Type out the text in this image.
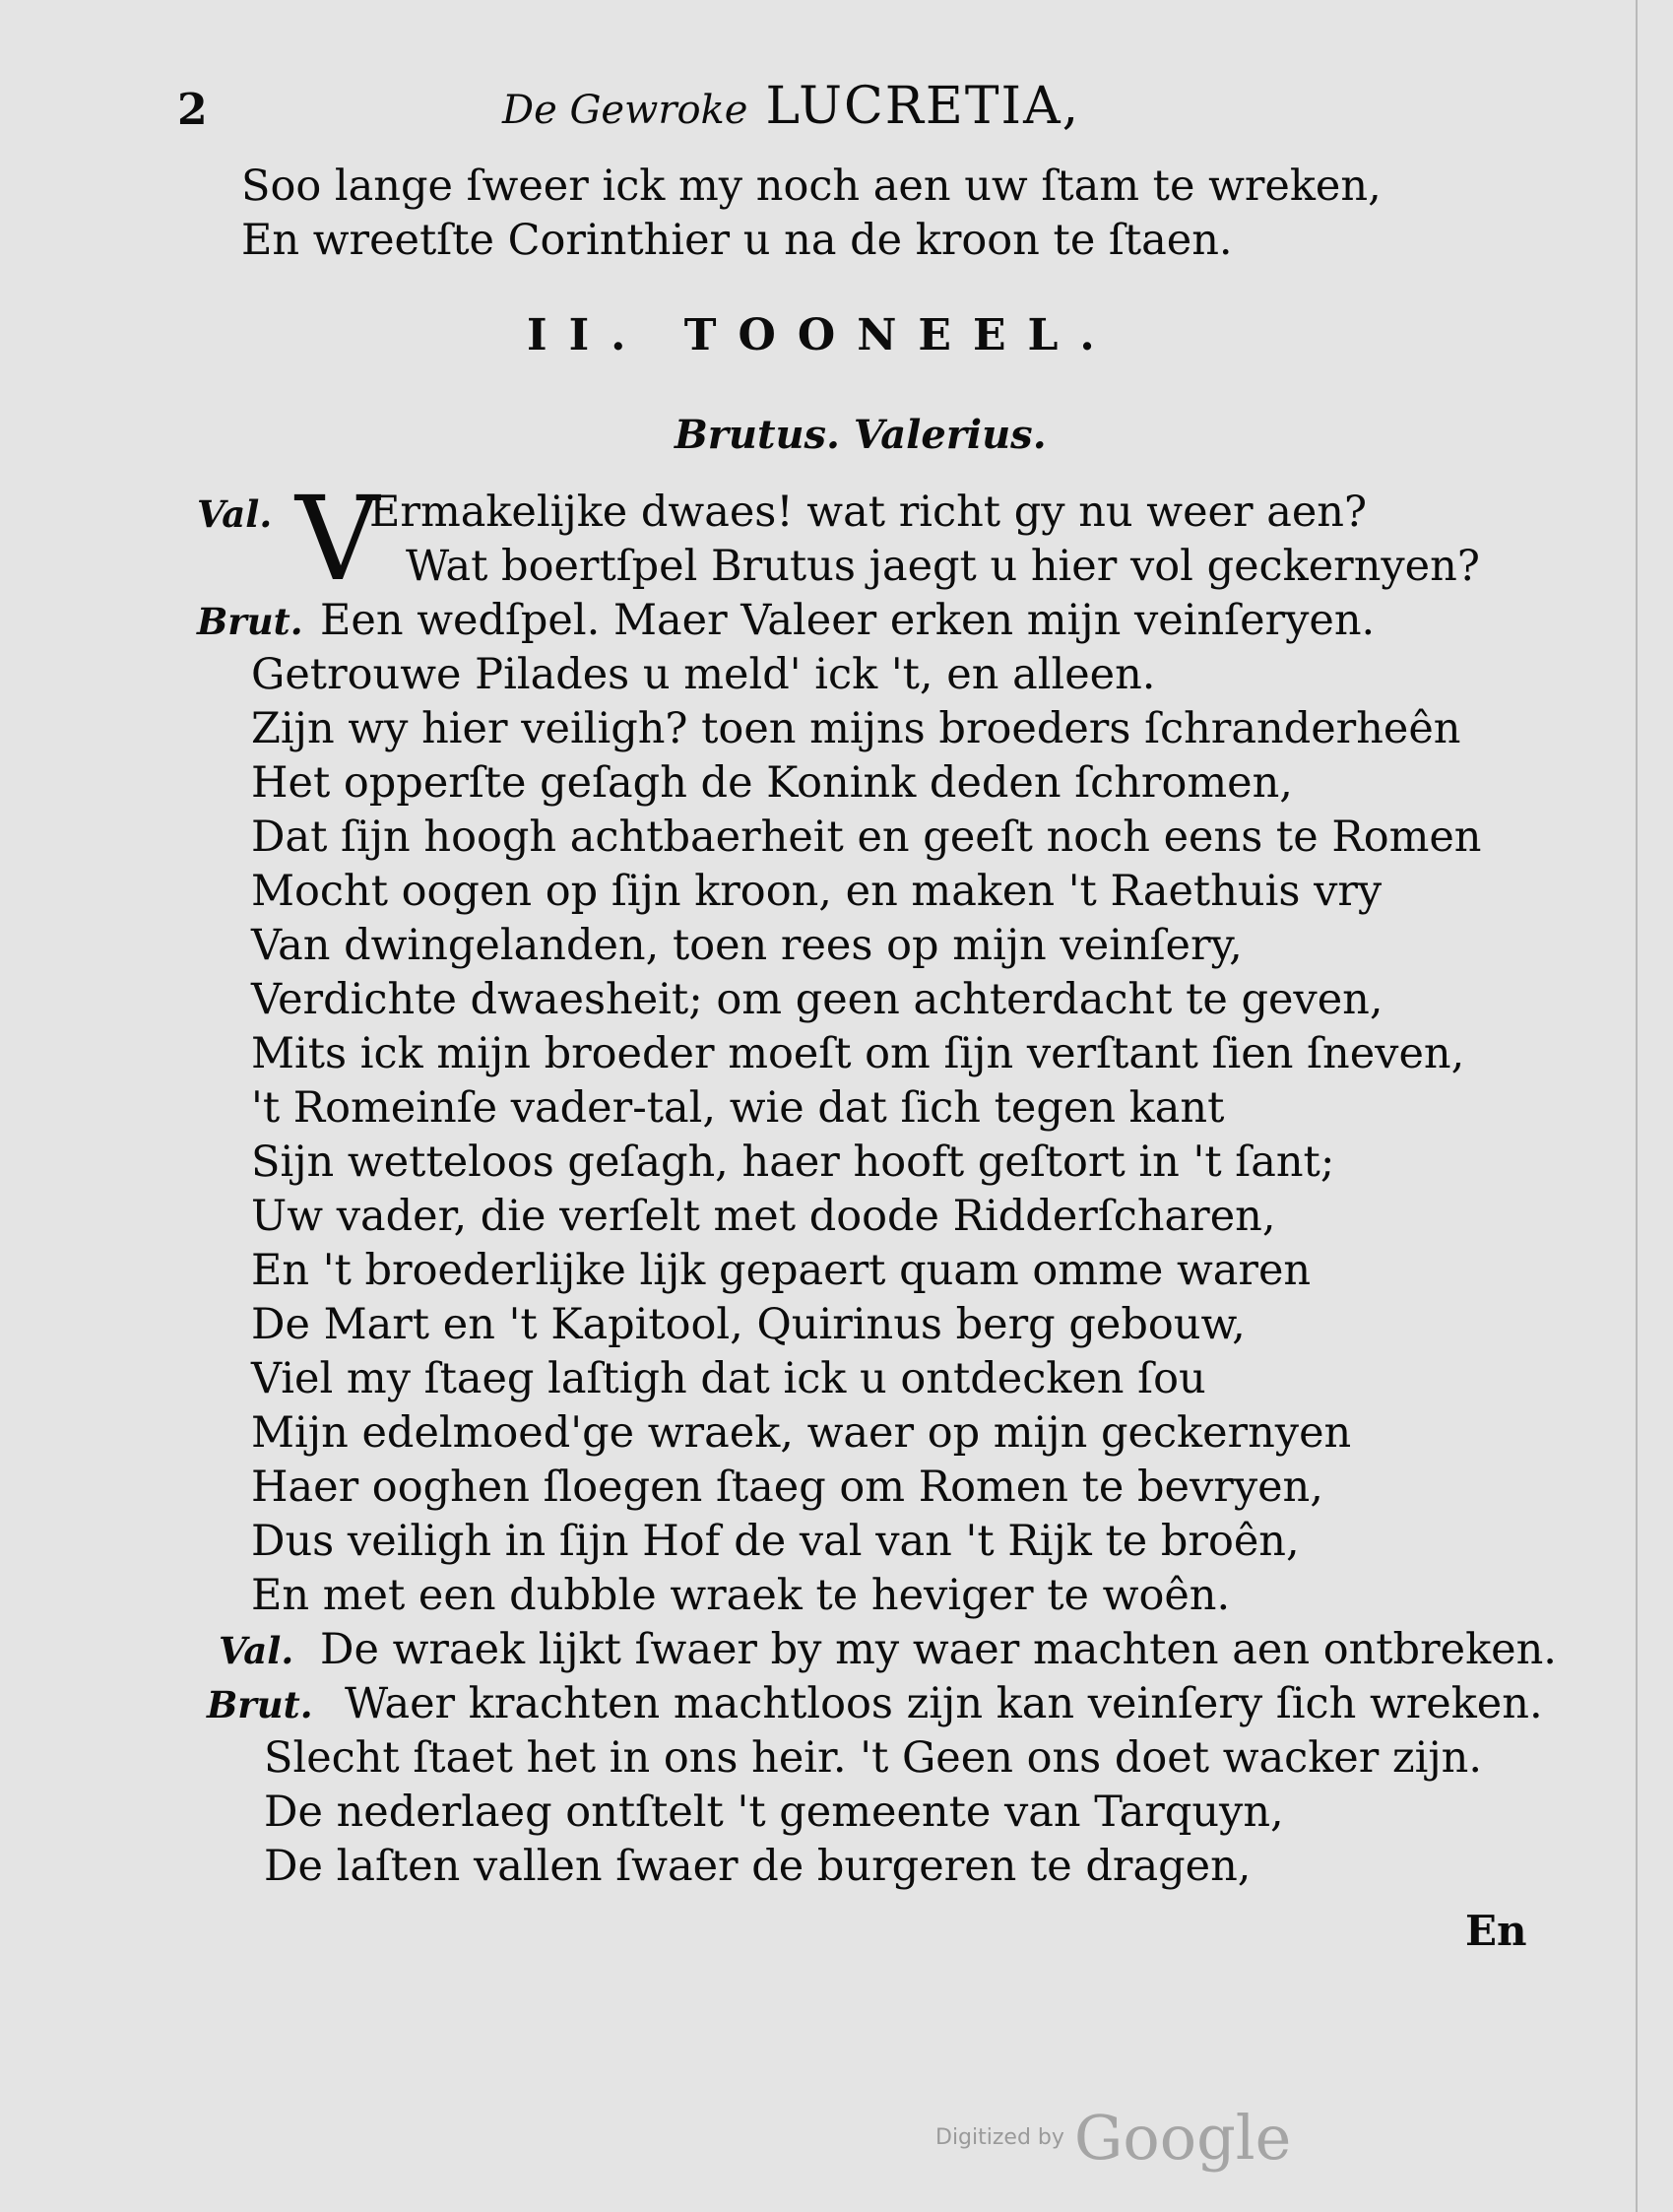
2	De Gewroke LUCRETIA,
Soo lange ſweer ick my noch aen uw ſtam te wreken,
En wreetſte Corinthier u na de kroon te ſtaen.
II. TOONEEL.
Brutus. Valerius.
Val. V
Ermakelijke dwaes! wat richt gy nu weer aen?
Wat boertſpel Brutus jaegt u hier vol geckernyen?
Brut. Een wedſpel. Maer Valeer erken mijn veinſeryen.
Getrouwe Pilades u meld' ick 't, en alleen.
Zijn wy hier veiligh? toen mijns broeders ſchranderheên
Het opperſte geſagh de Konink deden ſchromen,
Dat ſijn hoogh achtbaerheit en geeſt noch eens te Romen
Mocht oogen op ſijn kroon, en maken 't Raethuis vry
Van dwingelanden, toen rees op mijn veinſery,
Verdichte dwaesheit; om geen achterdacht te geven,
Mits ick mijn broeder moeſt om ſijn verſtant ſien ſneven,
't Romeinſe vader-tal, wie dat ſich tegen kant
Sijn wetteloos geſagh, haer hooft geſtort in 't ſant;
Uw vader, die verſelt met doode Ridderſcharen,
En 't broederlijke lijk gepaert quam omme waren
De Mart en 't Kapitool, Quirinus berg gebouw,
Viel my ſtaeg laſtigh dat ick u ontdecken ſou
Mijn edelmoed'ge wraek, waer op mijn geckernyen
Haer ooghen ſloegen ſtaeg om Romen te bevryen,
Dus veiligh in ſijn Hof de val van 't Rijk te broên,
En met een dubble wraek te heviger te woên.
Val. De wraek lijkt ſwaer by my waer machten aen ontbreken.
Brut. Waer krachten machtloos zijn kan veinſery ſich wreken.
Slecht ſtaet het in ons heir. 't Geen ons doet wacker zijn.
De nederlaeg ontſtelt 't gemeente van Tarquyn,
De laſten vallen ſwaer de burgeren te dragen,
En
Digitized by Google
